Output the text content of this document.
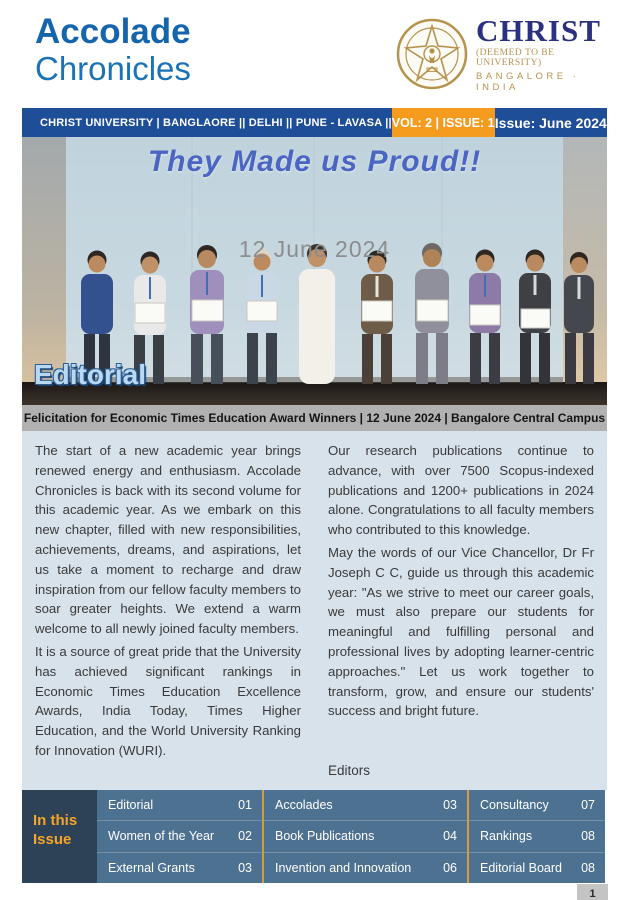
Accolade
Chronicles
CHRIST
(DEEMED TO BE UNIVERSITY)
BANGALORE · INDIA
CHRIST UNIVERSITY | BANGLAORE || DELHI || PUNE - LAVASA || VOL: 2 | ISSUE: 1 Issue: June 2024
They Made us Proud!!
12 June 2024
Editorial
Felicitation for Economic Times Education Award Winners | 12 June 2024 | Bangalore Central Campus

The start of a new academic year brings renewed energy and enthusiasm. Accolade Chronicles is back with its second volume for this academic year. As we embark on this new chapter, filled with new responsibilities, achievements, dreams, and aspirations, let us take a moment to recharge and draw inspiration from our fellow faculty members to soar greater heights. We extend a warm welcome to all newly joined faculty members.

It is a source of great pride that the University has achieved significant rankings in Economic Times Education Excellence Awards, India Today, Times Higher Education, and the World University Ranking for Innovation (WURI).

Our research publications continue to advance, with over 7500 Scopus-indexed publications and 1200+ publications in 2024 alone. Congratulations to all faculty members who contributed to this knowledge.

May the words of our Vice Chancellor, Dr Fr Joseph C C, guide us through this academic year: "As we strive to meet our career goals, we must also prepare our students for meaningful and fulfilling personal and professional lives by adopting learner-centric approaches." Let us work together to transform, grow, and ensure our students' success and bright future.

Editors
In this
Issue
Editorial	01
Women of the Year 02
External Grants	03
Accolades	03
Book Publications	04
Invention and Innovation	06
Consultancy	07
Rankings	08
Editorial Board 08
1
